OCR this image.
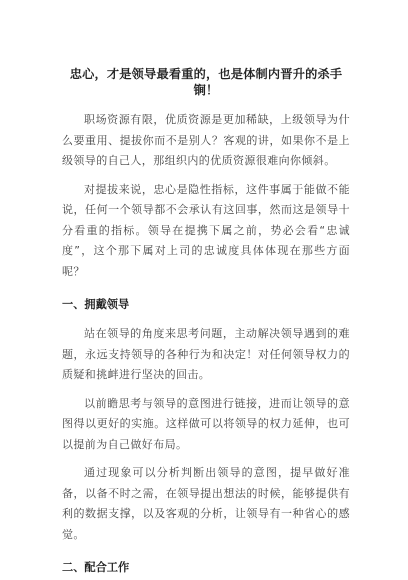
忠心，才是领导最看重的，也是体制内晋升的杀手锏！

职场资源有限，优质资源是更加稀缺，上级领导为什么要重用、提拔你而不是别人？客观的讲，如果你不是上级领导的自己人，那组织内的优质资源很难向你倾斜。

对提拔来说，忠心是隐性指标，这件事属于能做不能说，任何一个领导都不会承认有这回事，然而这是领导十分看重的指标。领导在提携下属之前，势必会看“忠诚度”，这个那下属对上司的忠诚度具体体现在那些方面呢？

一、拥戴领导

站在领导的角度来思考问题，主动解决领导遇到的难题，永远支持领导的各种行为和决定！对任何领导权力的质疑和挑衅进行坚决的回击。

以前瞻思考与领导的意图进行链接，进而让领导的意图得以更好的实施。这样做可以将领导的权力延伸，也可以提前为自己做好布局。

通过现象可以分析判断出领导的意图，提早做好准备，以备不时之需，在领导提出想法的时候，能够提供有利的数据支撑，以及客观的分析，让领导有一种省心的感觉。

二、配合工作
